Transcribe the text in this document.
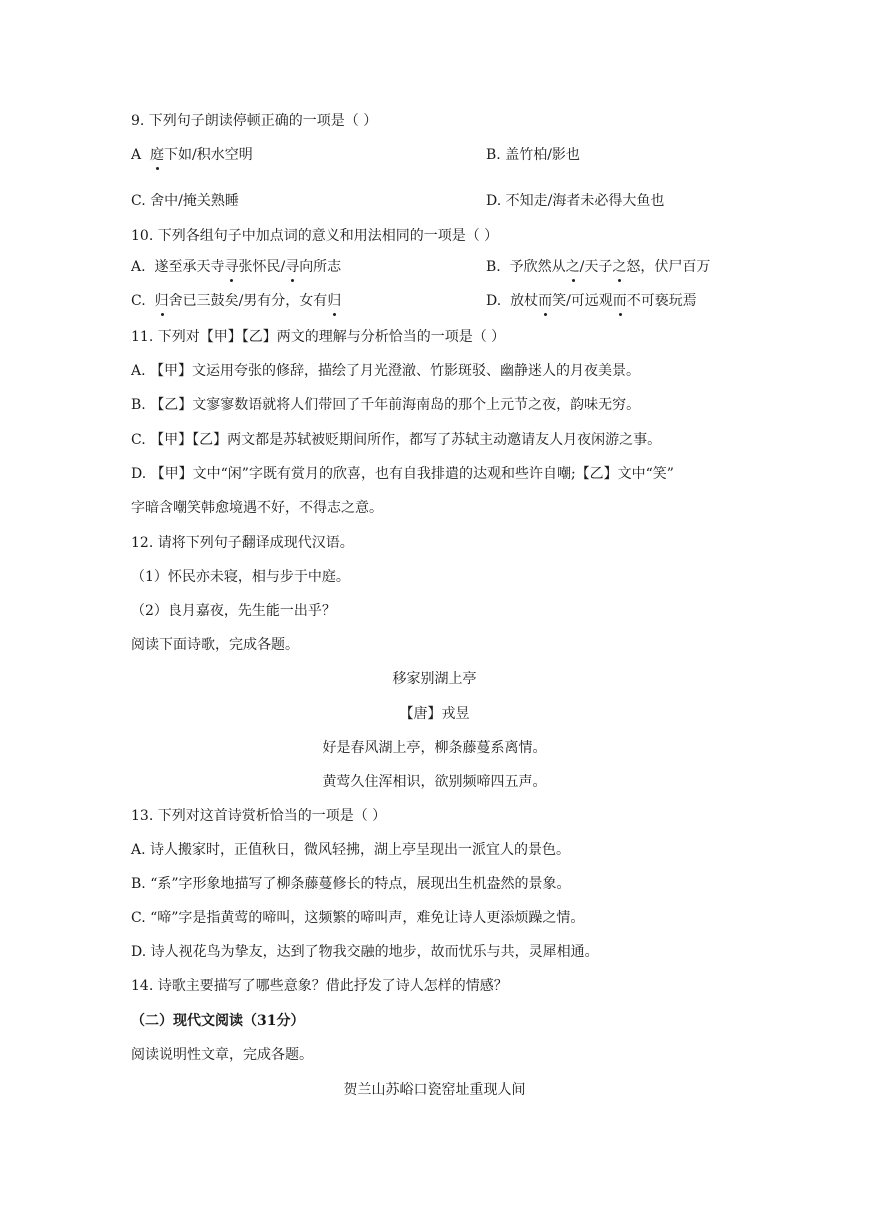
9. 下列句子朗读停顿正确的一项是（ ）
A  庭下如/积水空明	B. 盖竹柏/影也
C. 舍中/掩关熟睡	D. 不知走/海者未必得大鱼也
10. 下列各组句子中加点词的意义和用法相同的一项是（ ）
A.  遂至承天寺寻张怀民/寻向所志	B.  予欣然从之/天子之怒，伏尸百万
C.  归舍已三鼓矣/男有分，女有归	D.  放杖而笑/可远观而不可亵玩焉
11. 下列对【甲】【乙】两文的理解与分析恰当的一项是（ ）
A. 【甲】文运用夸张的修辞，描绘了月光澄澈、竹影斑驳、幽静迷人的月夜美景。
B. 【乙】文寥寥数语就将人们带回了千年前海南岛的那个上元节之夜，韵味无穷。
C. 【甲】【乙】两文都是苏轼被贬期间所作，都写了苏轼主动邀请友人月夜闲游之事。
D. 【甲】文中“闲”字既有赏月的欣喜，也有自我排遣的达观和些许自嘲;【乙】文中“笑”
字暗含嘲笑韩愈境遇不好，不得志之意。
12. 请将下列句子翻译成现代汉语。
（1）怀民亦未寝，相与步于中庭。
（2）良月嘉夜，先生能一出乎？
阅读下面诗歌，完成各题。
移家别湖上亭
【唐】戎昱
好是春风湖上亭，柳条藤蔓系离情。
黄莺久住浑相识，欲别频啼四五声。
13. 下列对这首诗赏析恰当的一项是（ ）
A. 诗人搬家时，正值秋日，微风轻拂，湖上亭呈现出一派宜人的景色。
B. “系”字形象地描写了柳条藤蔓修长的特点，展现出生机盎然的景象。
C. “啼”字是指黄莺的啼叫，这频繁的啼叫声，难免让诗人更添烦躁之情。
D. 诗人视花鸟为挚友，达到了物我交融的地步，故而忧乐与共，灵犀相通。
14. 诗歌主要描写了哪些意象？借此抒发了诗人怎样的情感？
（二）现代文阅读（31分）
阅读说明性文章，完成各题。
贺兰山苏峪口瓷窑址重现人间
